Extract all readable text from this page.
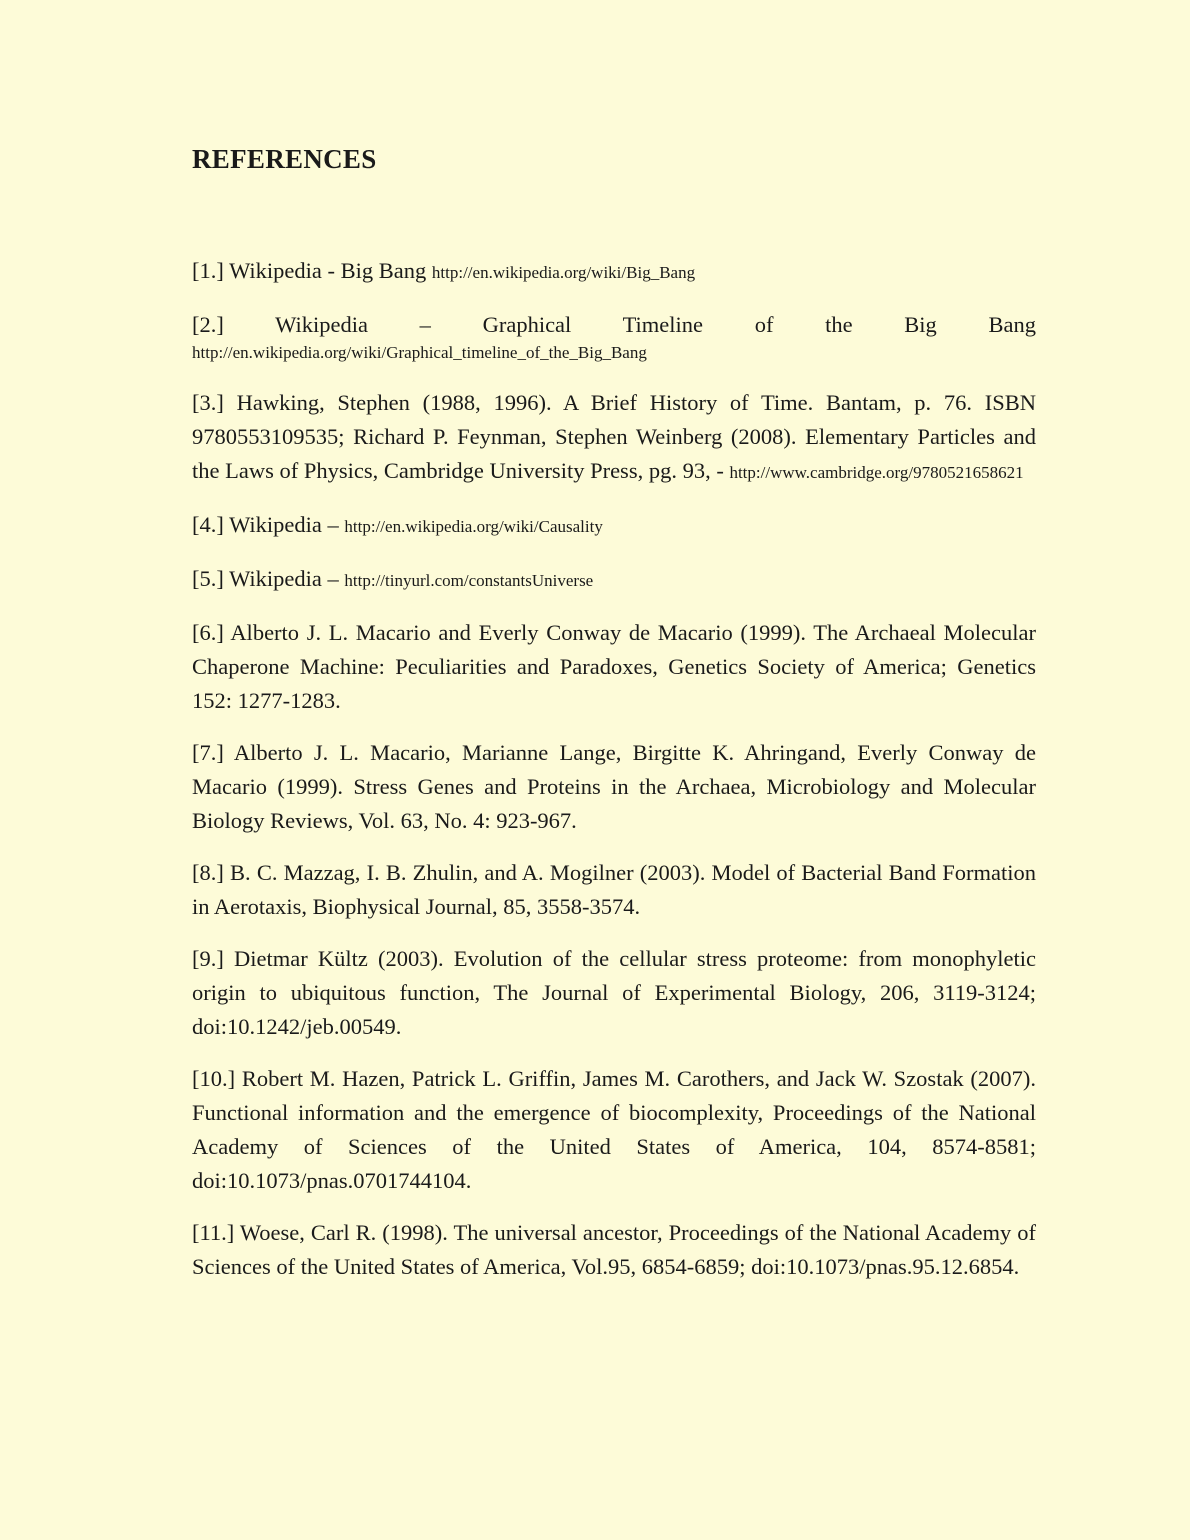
REFERENCES

[1.] Wikipedia - Big Bang http://en.wikipedia.org/wiki/Big_Bang

[2.] Wikipedia – Graphical Timeline of the Big Bang
http://en.wikipedia.org/wiki/Graphical_timeline_of_the_Big_Bang

[3.] Hawking, Stephen (1988, 1996). A Brief History of Time. Bantam, p. 76. ISBN 9780553109535; Richard P. Feynman, Stephen Weinberg (2008). Elementary Particles and the Laws of Physics, Cambridge University Press, pg. 93, - http://www.cambridge.org/9780521658621

[4.] Wikipedia – http://en.wikipedia.org/wiki/Causality

[5.] Wikipedia – http://tinyurl.com/constantsUniverse

[6.] Alberto J. L. Macario and Everly Conway de Macario (1999). The Archaeal Molecular Chaperone Machine: Peculiarities and Paradoxes, Genetics Society of America; Genetics 152: 1277-1283.

[7.] Alberto J. L. Macario, Marianne Lange, Birgitte K. Ahringand, Everly Conway de Macario (1999). Stress Genes and Proteins in the Archaea, Microbiology and Molecular Biology Reviews, Vol. 63, No. 4: 923-967.

[8.] B. C. Mazzag, I. B. Zhulin, and A. Mogilner (2003). Model of Bacterial Band Formation in Aerotaxis, Biophysical Journal, 85, 3558-3574.

[9.] Dietmar Kültz (2003). Evolution of the cellular stress proteome: from monophyletic origin to ubiquitous function, The Journal of Experimental Biology, 206, 3119-3124; doi:10.1242/jeb.00549.

[10.] Robert M. Hazen, Patrick L. Griffin, James M. Carothers, and Jack W. Szostak (2007). Functional information and the emergence of biocomplexity, Proceedings of the National Academy of Sciences of the United States of America, 104, 8574-8581; doi:10.1073/pnas.0701744104.

[11.] Woese, Carl R. (1998). The universal ancestor, Proceedings of the National Academy of Sciences of the United States of America, Vol.95, 6854-6859; doi:10.1073/pnas.95.12.6854.
